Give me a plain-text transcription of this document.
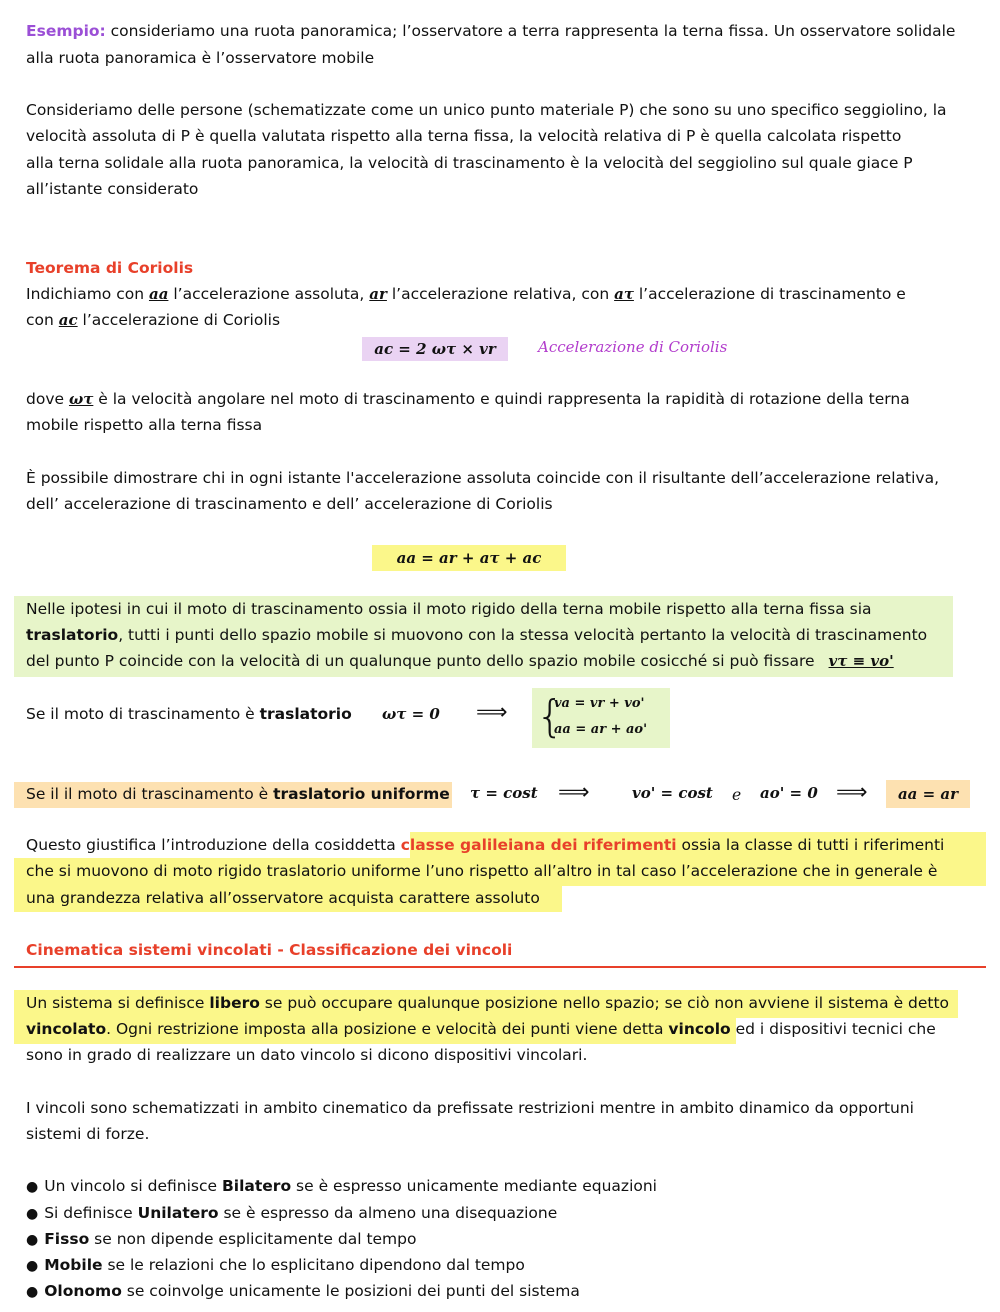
Esempio: consideriamo una ruota panoramica; l’osservatore a terra rappresenta la terna fissa. Un osservatore solidale
alla ruota panoramica è l’osservatore mobile
Consideriamo delle persone (schematizzate come un unico punto materiale P) che sono su uno specifico seggiolino, la
velocità assoluta di P è quella valutata rispetto alla terna fissa, la velocità relativa di P è quella calcolata rispetto
alla terna solidale alla ruota panoramica, la velocità di trascinamento è la velocità del seggiolino sul quale giace P
all’istante considerato
Teorema di Coriolis
Indichiamo con aa l’accelerazione assoluta, ar l’accelerazione relativa, con aτ l’accelerazione di trascinamento e
con ac l’accelerazione di Coriolis
ac = 2 ωτ × vr	Accelerazione di Coriolis
dove ωτ è la velocità angolare nel moto di trascinamento e quindi rappresenta la rapidità di rotazione della terna
mobile rispetto alla terna fissa
È possibile dimostrare chi in ogni istante l'accelerazione assoluta coincide con il risultante dell’accelerazione relativa,
dell’ accelerazione di trascinamento e dell’ accelerazione di Coriolis
aa = ar + aτ + ac
Nelle ipotesi in cui il moto di trascinamento ossia il moto rigido della terna mobile rispetto alla terna fissa sia
traslatorio, tutti i punti dello spazio mobile si muovono con la stessa velocità pertanto la velocità di trascinamento
del punto P coincide con la velocità di un qualunque punto dello spazio mobile cosicché si può fissare vτ ≡ vo'
Se il moto di trascinamento è traslatorio ωτ = 0 ⟹ {
va = vr + vo'
aa = ar + ao'
Se il il moto di trascinamento è traslatorio uniforme τ = cost ⟹	vo' = cost e ao' = 0 ⟹	aa = ar
Questo giustifica l’introduzione della cosiddetta classe galileiana dei riferimenti ossia la classe di tutti i riferimenti
che si muovono di moto rigido traslatorio uniforme l’uno rispetto all’altro in tal caso l’accelerazione che in generale è
una grandezza relativa all’osservatore acquista carattere assoluto
Cinematica sistemi vincolati - Classificazione dei vincoli
Un sistema si definisce libero se può occupare qualunque posizione nello spazio; se ciò non avviene il sistema è detto
vincolato. Ogni restrizione imposta alla posizione e velocità dei punti viene detta vincolo ed i dispositivi tecnici che
sono in grado di realizzare un dato vincolo si dicono dispositivi vincolari.
I vincoli sono schematizzati in ambito cinematico da prefissate restrizioni mentre in ambito dinamico da opportuni
sistemi di forze.
● Un vincolo si definisce Bilatero se è espresso unicamente mediante equazioni
● Si definisce Unilatero se è espresso da almeno una disequazione
● Fisso se non dipende esplicitamente dal tempo
● Mobile se le relazioni che lo esplicitano dipendono dal tempo
● Olonomo se coinvolge unicamente le posizioni dei punti del sistema
